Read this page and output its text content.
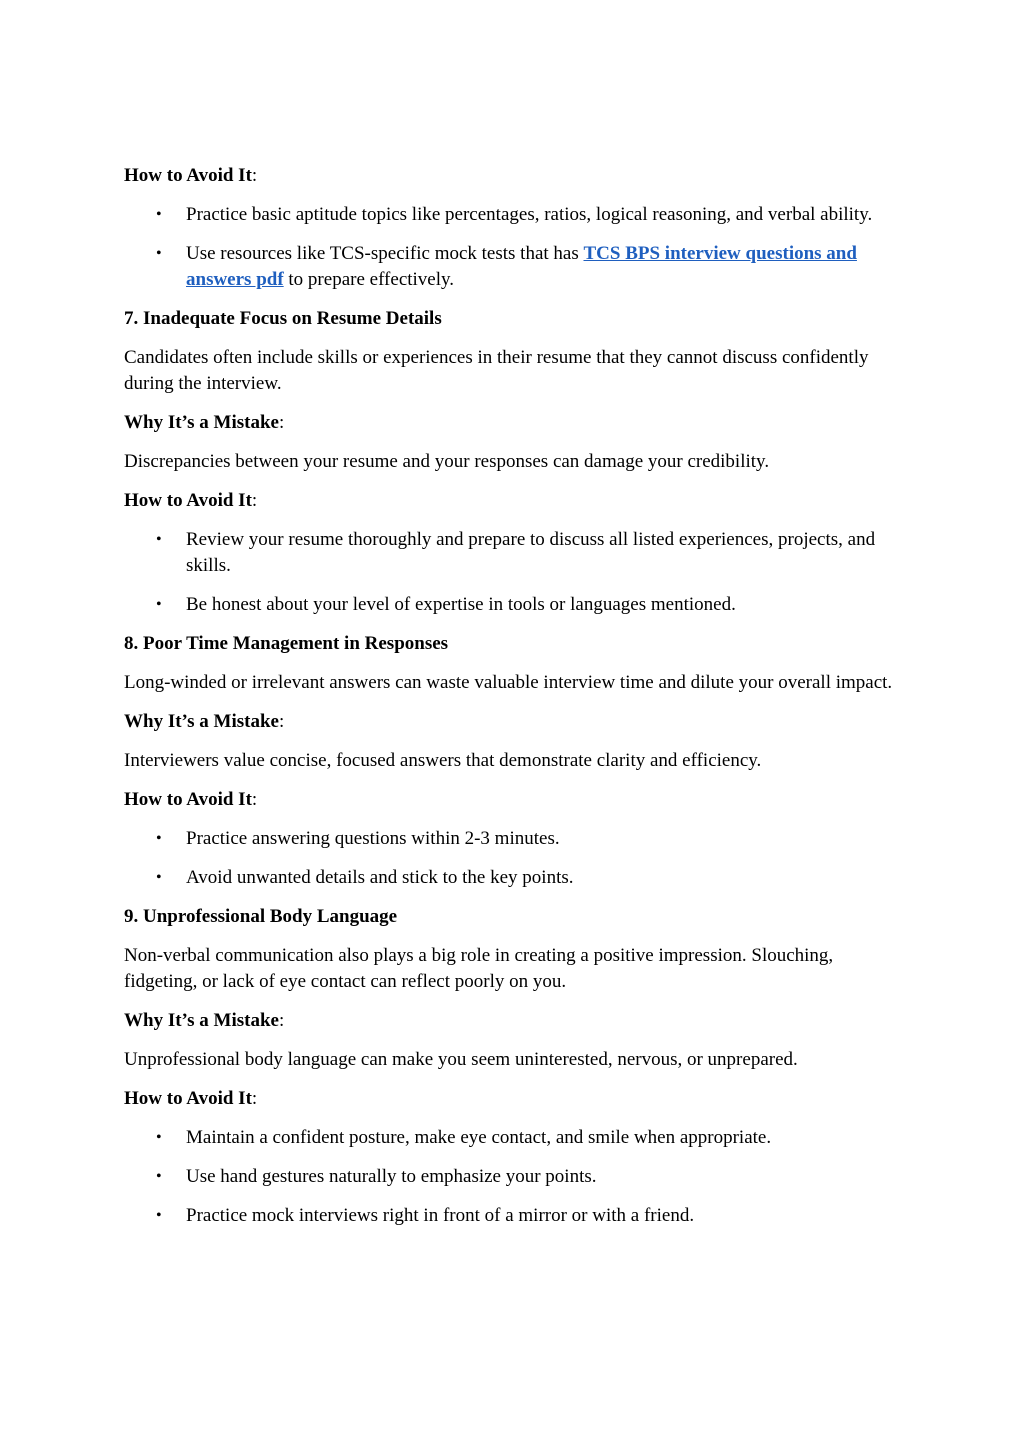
How to Avoid It:

• Practice basic aptitude topics like percentages, ratios, logical reasoning, and verbal ability.
• Use resources like TCS-specific mock tests that has TCS BPS interview questions and answers pdf to prepare effectively.

7. Inadequate Focus on Resume Details

Candidates often include skills or experiences in their resume that they cannot discuss confidently during the interview.

Why It’s a Mistake:

Discrepancies between your resume and your responses can damage your credibility.

How to Avoid It:

• Review your resume thoroughly and prepare to discuss all listed experiences, projects, and skills.
• Be honest about your level of expertise in tools or languages mentioned.

8. Poor Time Management in Responses

Long-winded or irrelevant answers can waste valuable interview time and dilute your overall impact.

Why It’s a Mistake:

Interviewers value concise, focused answers that demonstrate clarity and efficiency.

How to Avoid It:

• Practice answering questions within 2-3 minutes.
• Avoid unwanted details and stick to the key points.

9. Unprofessional Body Language

Non-verbal communication also plays a big role in creating a positive impression. Slouching, fidgeting, or lack of eye contact can reflect poorly on you.

Why It’s a Mistake:

Unprofessional body language can make you seem uninterested, nervous, or unprepared.

How to Avoid It:

• Maintain a confident posture, make eye contact, and smile when appropriate.
• Use hand gestures naturally to emphasize your points.
• Practice mock interviews right in front of a mirror or with a friend.
